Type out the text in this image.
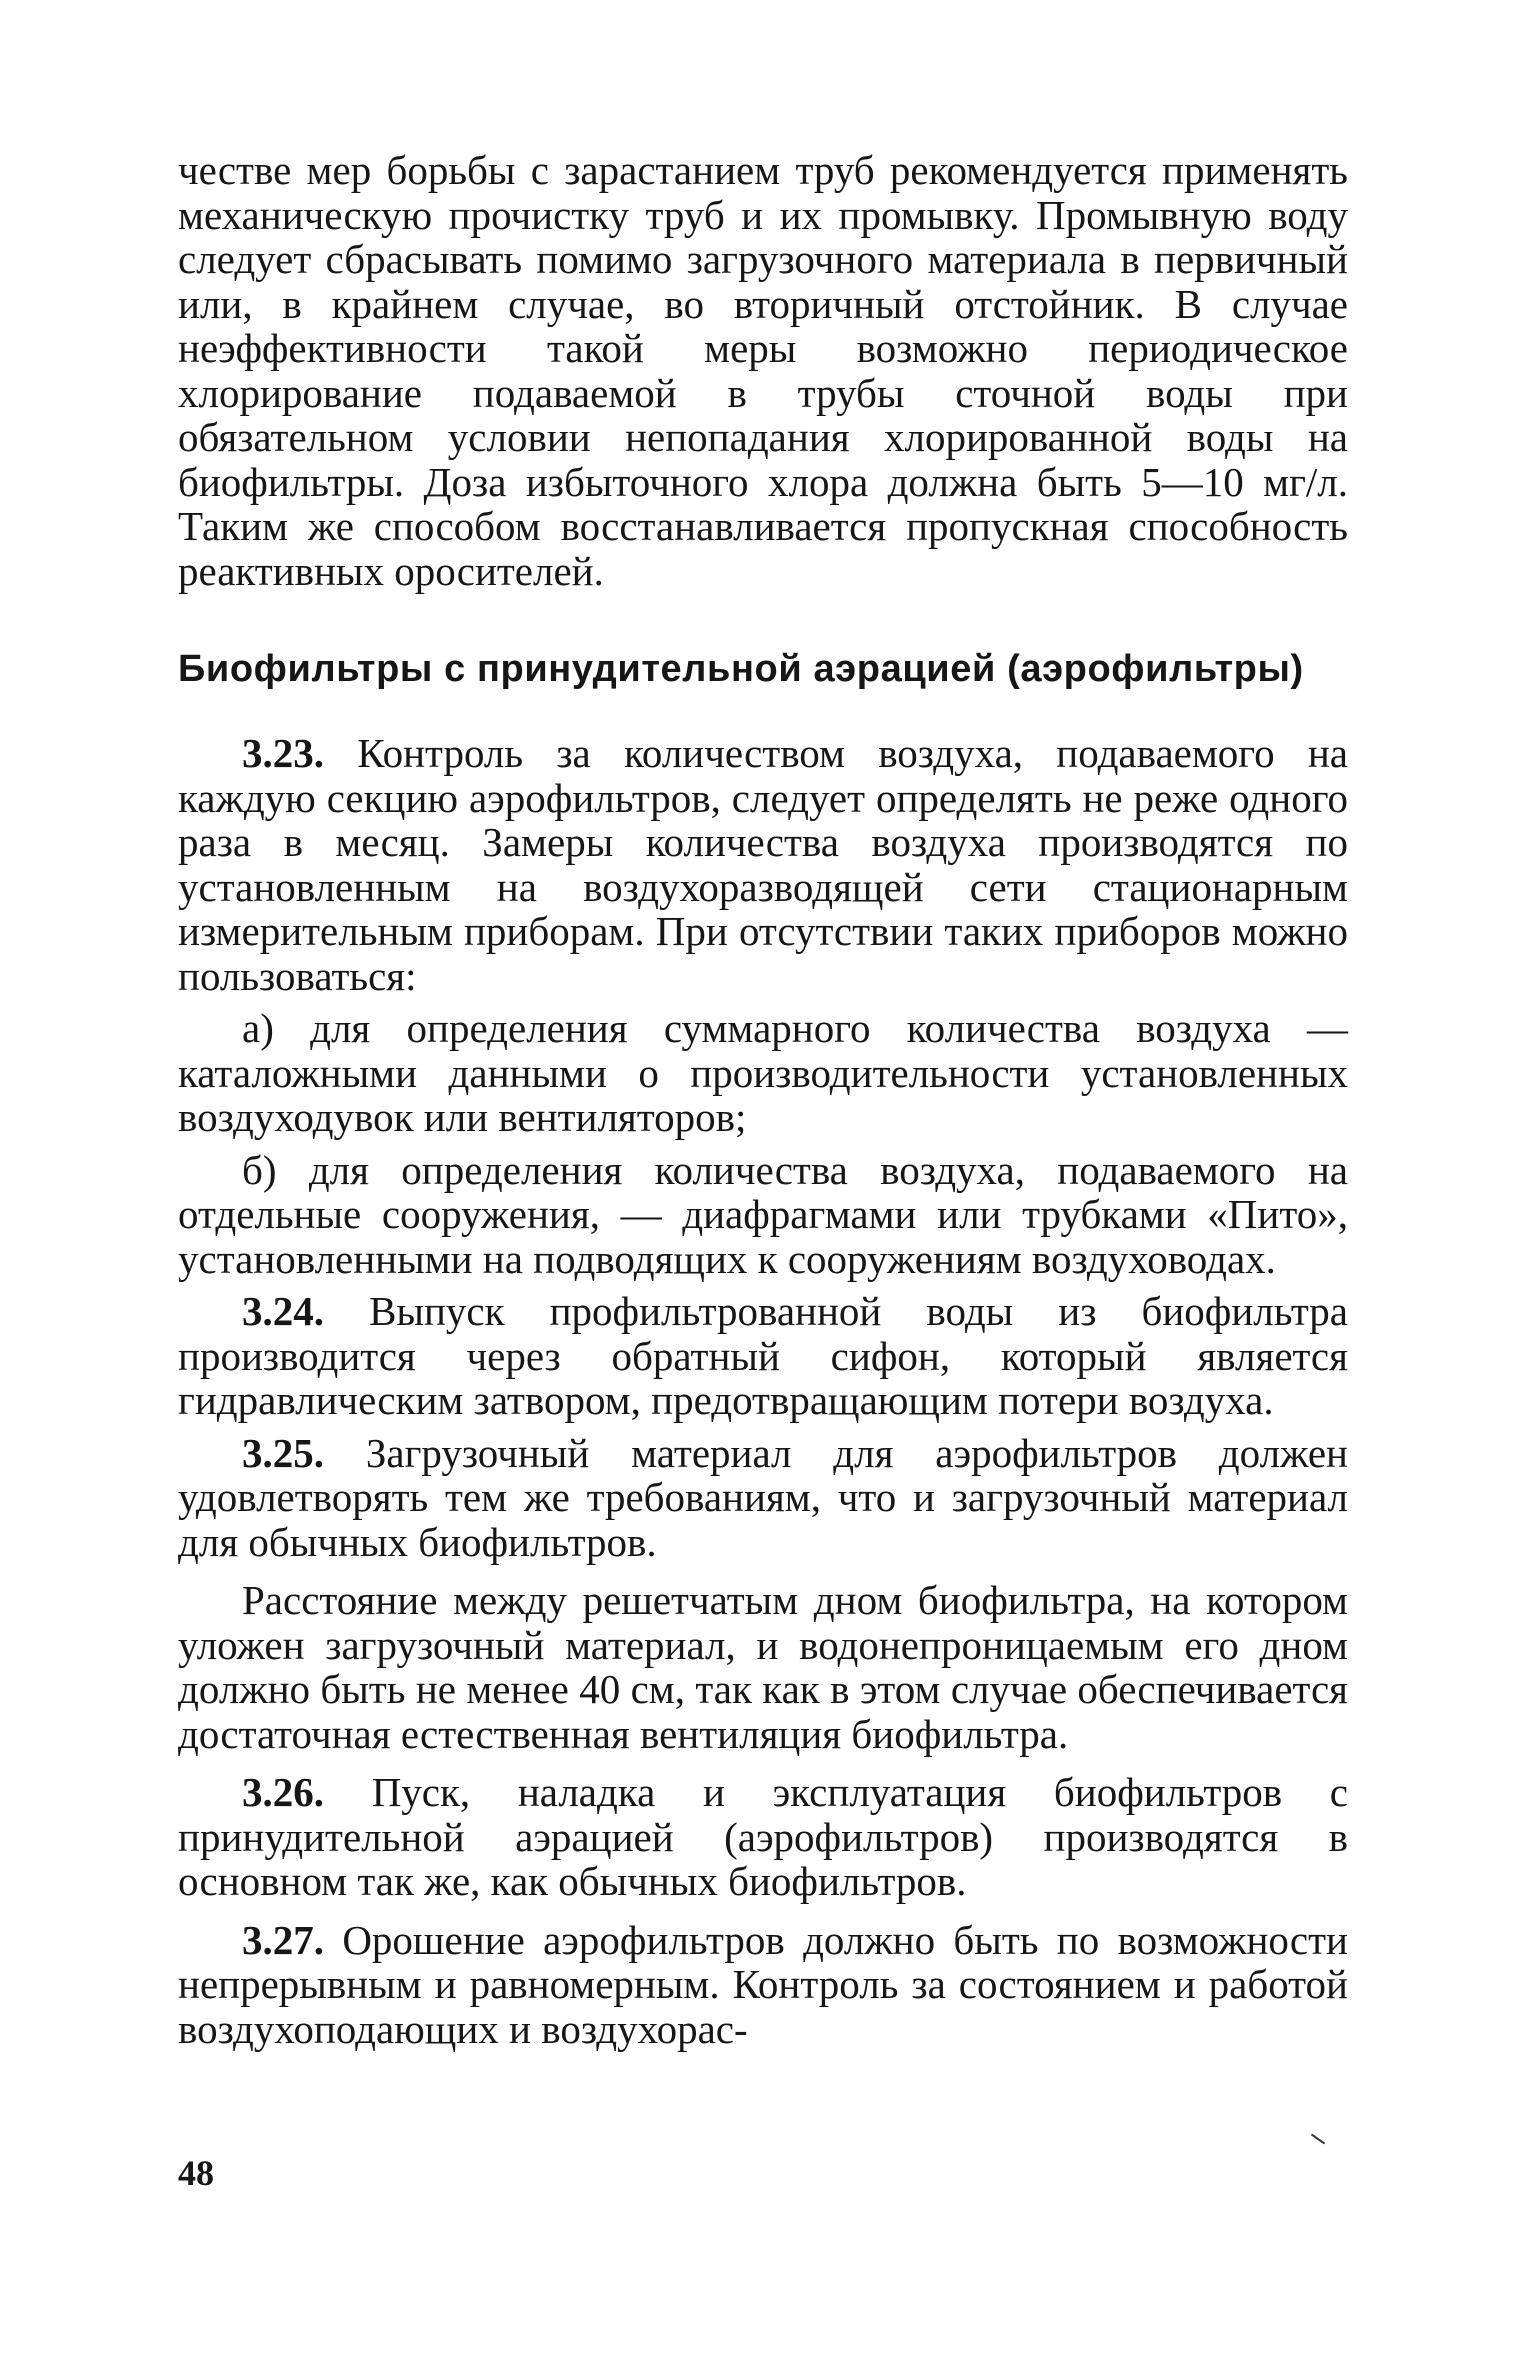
честве мер борьбы с зарастанием труб рекомендуется применять механическую прочистку труб и их промывку. Промывную воду следует сбрасывать помимо загрузочного материала в первичный или, в крайнем случае, во вторичный отстойник. В случае неэффективности такой меры возможно периодическое хлорирование подаваемой в трубы сточной воды при обязательном условии непопадания хлорированной воды на биофильтры. Доза избыточного хлора должна быть 5—10 мг/л. Таким же способом восстанавливается пропускная способность реактивных оросителей.

Биофильтры с принудительной аэрацией (аэрофильтры)

3.23. Контроль за количеством воздуха, подаваемого на каждую секцию аэрофильтров, следует определять не реже одного раза в месяц. Замеры количества воздуха производятся по установленным на воздухоразводящей сети стационарным измерительным приборам. При отсутствии таких приборов можно пользоваться:

а) для определения суммарного количества воздуха — каталожными данными о производительности установленных воздуходувок или вентиляторов;

б) для определения количества воздуха, подаваемого на отдельные сооружения, — диафрагмами или трубками «Пито», установленными на подводящих к сооружениям воздуховодах.

3.24. Выпуск профильтрованной воды из биофильтра производится через обратный сифон, который является гидравлическим затвором, предотвращающим потери воздуха.

3.25. Загрузочный материал для аэрофильтров должен удовлетворять тем же требованиям, что и загрузочный материал для обычных биофильтров.

Расстояние между решетчатым дном биофильтра, на котором уложен загрузочный материал, и водонепроницаемым его дном должно быть не менее 40 см, так как в этом случае обеспечивается достаточная естественная вентиляция биофильтра.

3.26. Пуск, наладка и эксплуатация биофильтров с принудительной аэрацией (аэрофильтров) производятся в основном так же, как обычных биофильтров.

3.27. Орошение аэрофильтров должно быть по возможности непрерывным и равномерным. Контроль за состоянием и работой воздухоподающих и воздухорас-

48
